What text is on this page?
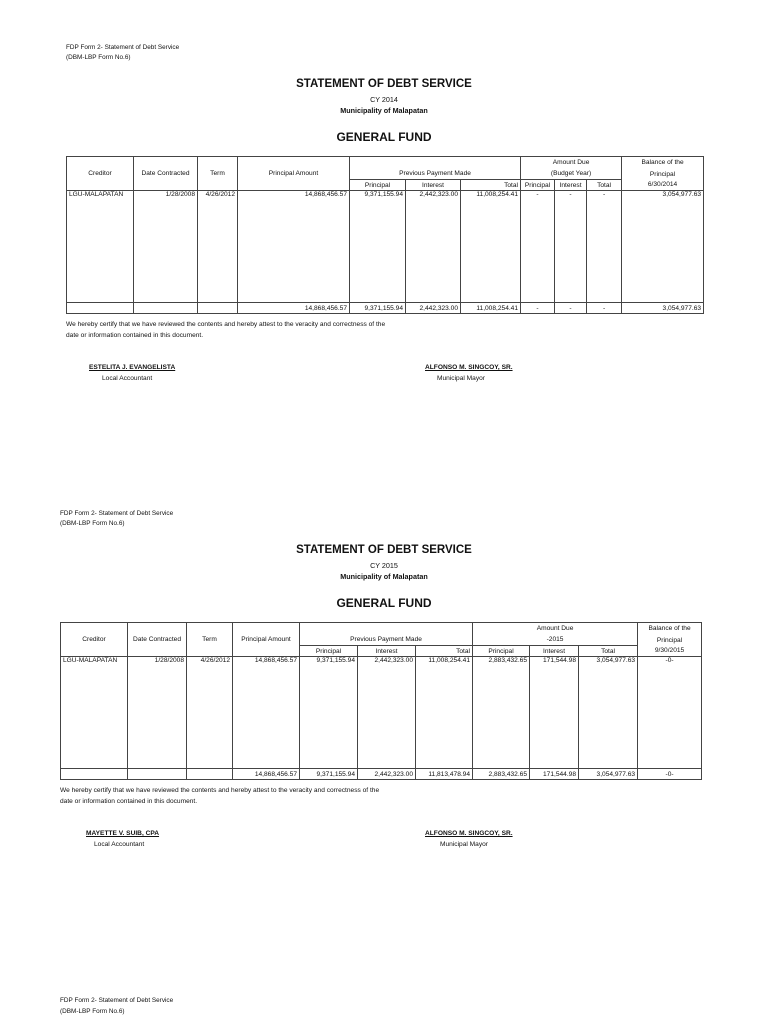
FDP Form 2- Statement of Debt Service
(DBM-LBP Form No.6)
STATEMENT OF DEBT SERVICE
CY 2014
Municipality of Malapatan
GENERAL FUND
Creditor	Date Contracted	Term	Principal Amount				Amount Due			Balance of the
				Previous Payment Made			(Budget Year)			Principal
				Principal	Interest	Total	Principal	Interest	Total	6/30/2014
LGU-MALAPATAN	1/28/2008	4/26/2012	14,868,456.57	9,371,155.94	2,442,323.00	11,008,254.41	-	-	-	3,054,977.63
			14,868,456.57	9,371,155.94	2,442,323.00	11,008,254.41	-	-	-	3,054,977.63
We hereby certify that we have reviewed the contents and hereby attest to the veracity and correctness of the
date or information contained in this document.
ESTELITA J. EVANGELISTA
Local Accountant
ALFONSO M. SINGCOY, SR.
Municipal Mayor
FDP Form 2- Statement of Debt Service
(DBM-LBP Form No.6)
STATEMENT OF DEBT SERVICE
CY 2015
Municipality of Malapatan
GENERAL FUND
Creditor	Date Contracted	Term	Principal Amount				Amount Due			Balance of the
				Previous Payment Made			-2015			Principal
				Principal	Interest	Total	Principal	Interest	Total	9/30/2015
LGU-MALAPATAN	1/28/2008	4/26/2012	14,868,456.57	9,371,155.94	2,442,323.00	11,008,254.41	2,883,432.65	171,544.98	3,054,977.63	-0-
			14,868,456.57	9,371,155.94	2,442,323.00	11,813,478.94	2,883,432.65	171,544.98	3,054,977.63	-0-
We hereby certify that we have reviewed the contents and hereby attest to the veracity and correctness of the
date or information contained in this document.
MAYETTE V. SUIB, CPA
Local Accountant
ALFONSO M. SINGCOY, SR.
Municipal Mayor
FDP Form 2- Statement of Debt Service
(DBM-LBP Form No.6)
